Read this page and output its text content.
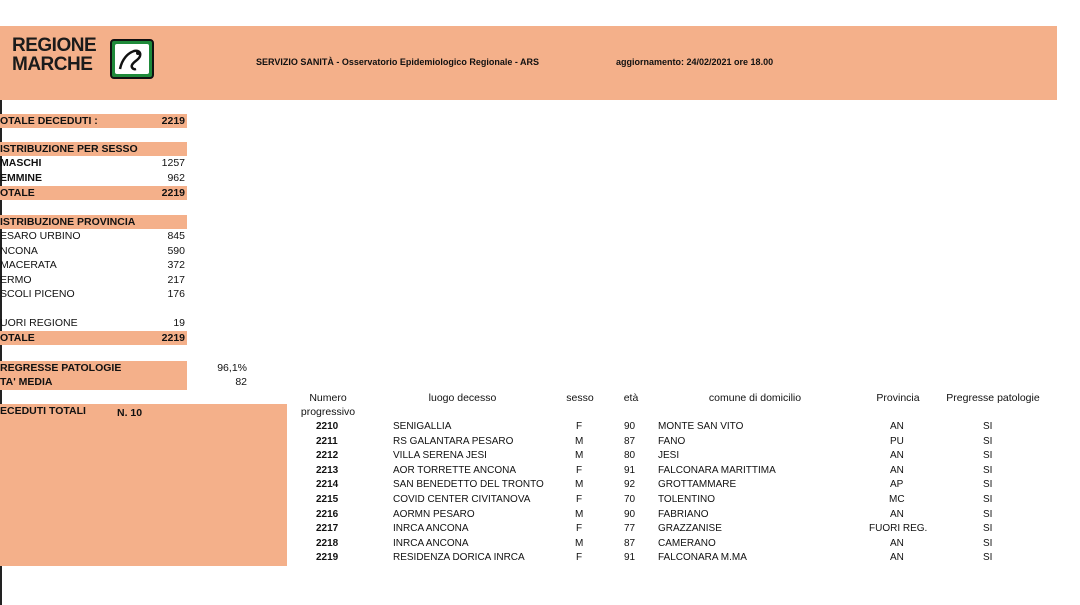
REGIONE
MARCHE	SERVIZIO SANITÀ - Osservatorio Epidemiologico Regionale - ARS	aggiornamento: 24/02/2021 ore 18.00
OTALE DECEDUTI :	2219
ISTRIBUZIONE PER SESSO
MASCHI	1257
EMMINE	962
OTALE	2219
ISTRIBUZIONE PROVINCIA
ESARO URBINO	845
NCONA	590
MACERATA	372
ERMO	217
SCOLI PICENO	176
UORI REGIONE	19
OTALE	2219
REGRESSE PATOLOGIE	96,1%
TA' MEDIA	82
ECEDUTI TOTALI	N. 10
Numero
progressivo
luogo decesso	sesso	età	comune di domicilio	Provincia	Pregresse patologie
2210	SENIGALLIA	F	90 MONTE SAN VITO	AN	SI
2211	RS GALANTARA PESARO	M	87 FANO	PU	SI
2212	VILLA SERENA JESI	M	80 JESI	AN	SI
2213	AOR TORRETTE ANCONA	F	91 FALCONARA MARITTIMA	AN	SI
2214	SAN BENEDETTO DEL TRONTO	M	92 GROTTAMMARE	AP	SI
2215	COVID CENTER CIVITANOVA	F	70 TOLENTINO	MC	SI
2216	AORMN PESARO	M	90 FABRIANO	AN	SI
2217	INRCA ANCONA	F	77 GRAZZANISE	FUORI REG.	SI
2218	INRCA ANCONA	M	87 CAMERANO	AN	SI
2219	RESIDENZA DORICA INRCA	F	91 FALCONARA M.MA	AN	SI
